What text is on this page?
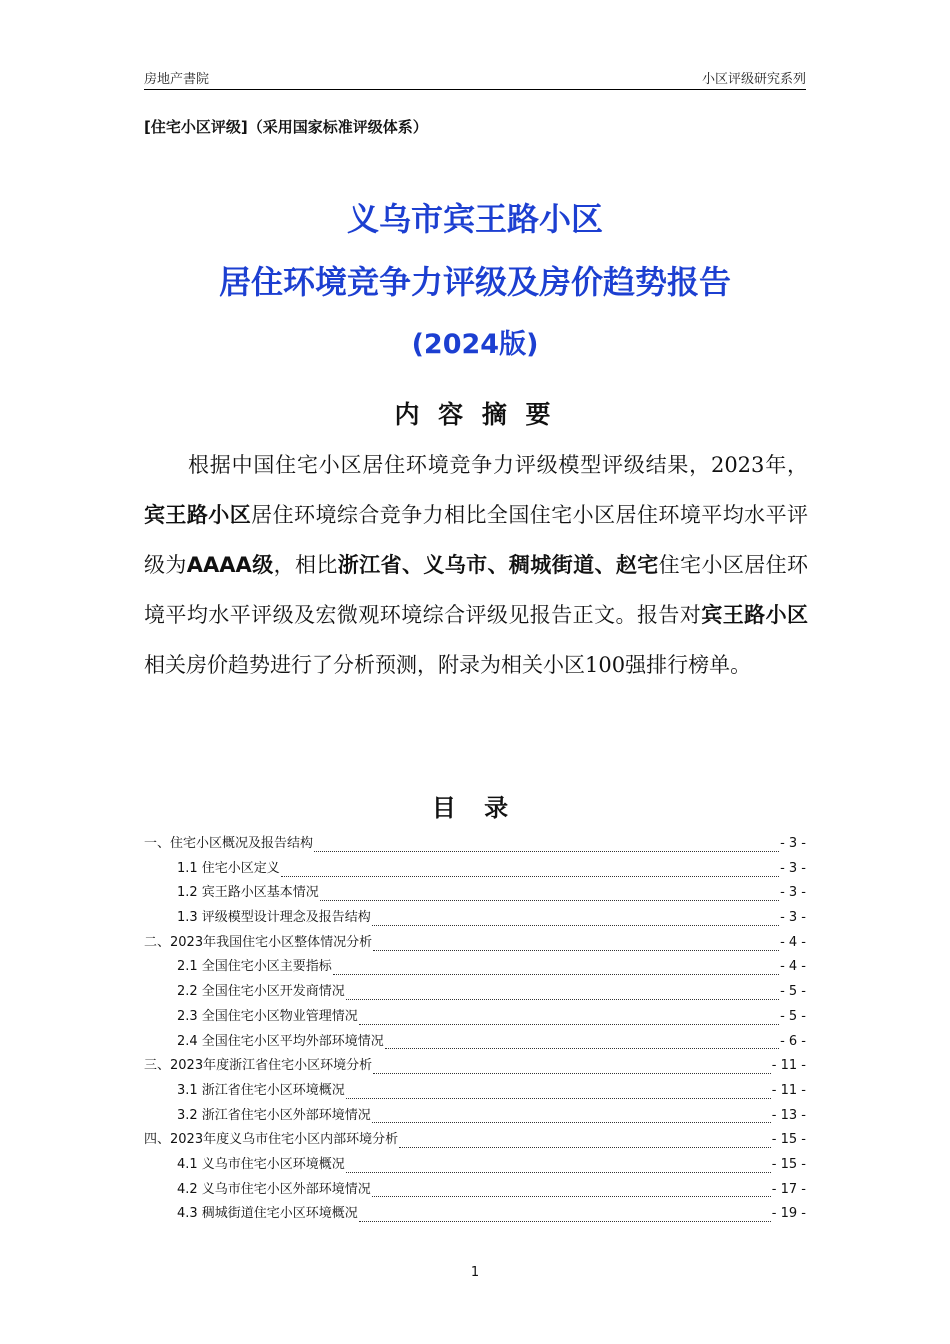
房地产書院	小区评级研究系列
[住宅小区评级]（采用国家标准评级体系）
义乌市宾王路小区
居住环境竞争力评级及房价趋势报告
(2024版)
内 容 摘 要

根据中国住宅小区居住环境竞争力评级模型评级结果，2023年，宾王路小区居住环境综合竞争力相比全国住宅小区居住环境平均水平评级为AAAA级，相比浙江省、义乌市、稠城街道、赵宅住宅小区居住环境平均水平评级及宏微观环境综合评级见报告正文。报告对宾王路小区相关房价趋势进行了分析预测，附录为相关小区100强排行榜单。

目 录
一、住宅小区概况及报告结构	- 3 -
1.1 住宅小区定义	- 3 -
1.2 宾王路小区基本情况	- 3 -
1.3 评级模型设计理念及报告结构	- 3 -
二、2023年我国住宅小区整体情况分析	- 4 -
2.1 全国住宅小区主要指标	- 4 -
2.2 全国住宅小区开发商情况	- 5 -
2.3 全国住宅小区物业管理情况	- 5 -
2.4 全国住宅小区平均外部环境情况	- 6 -
三、2023年度浙江省住宅小区环境分析	- 11 -
3.1 浙江省住宅小区环境概况	- 11 -
3.2 浙江省住宅小区外部环境情况	- 13 -
四、2023年度义乌市住宅小区内部环境分析	- 15 -
4.1 义乌市住宅小区环境概况	- 15 -
4.2 义乌市住宅小区外部环境情况	- 17 -
4.3 稠城街道住宅小区环境概况	- 19 -
1
